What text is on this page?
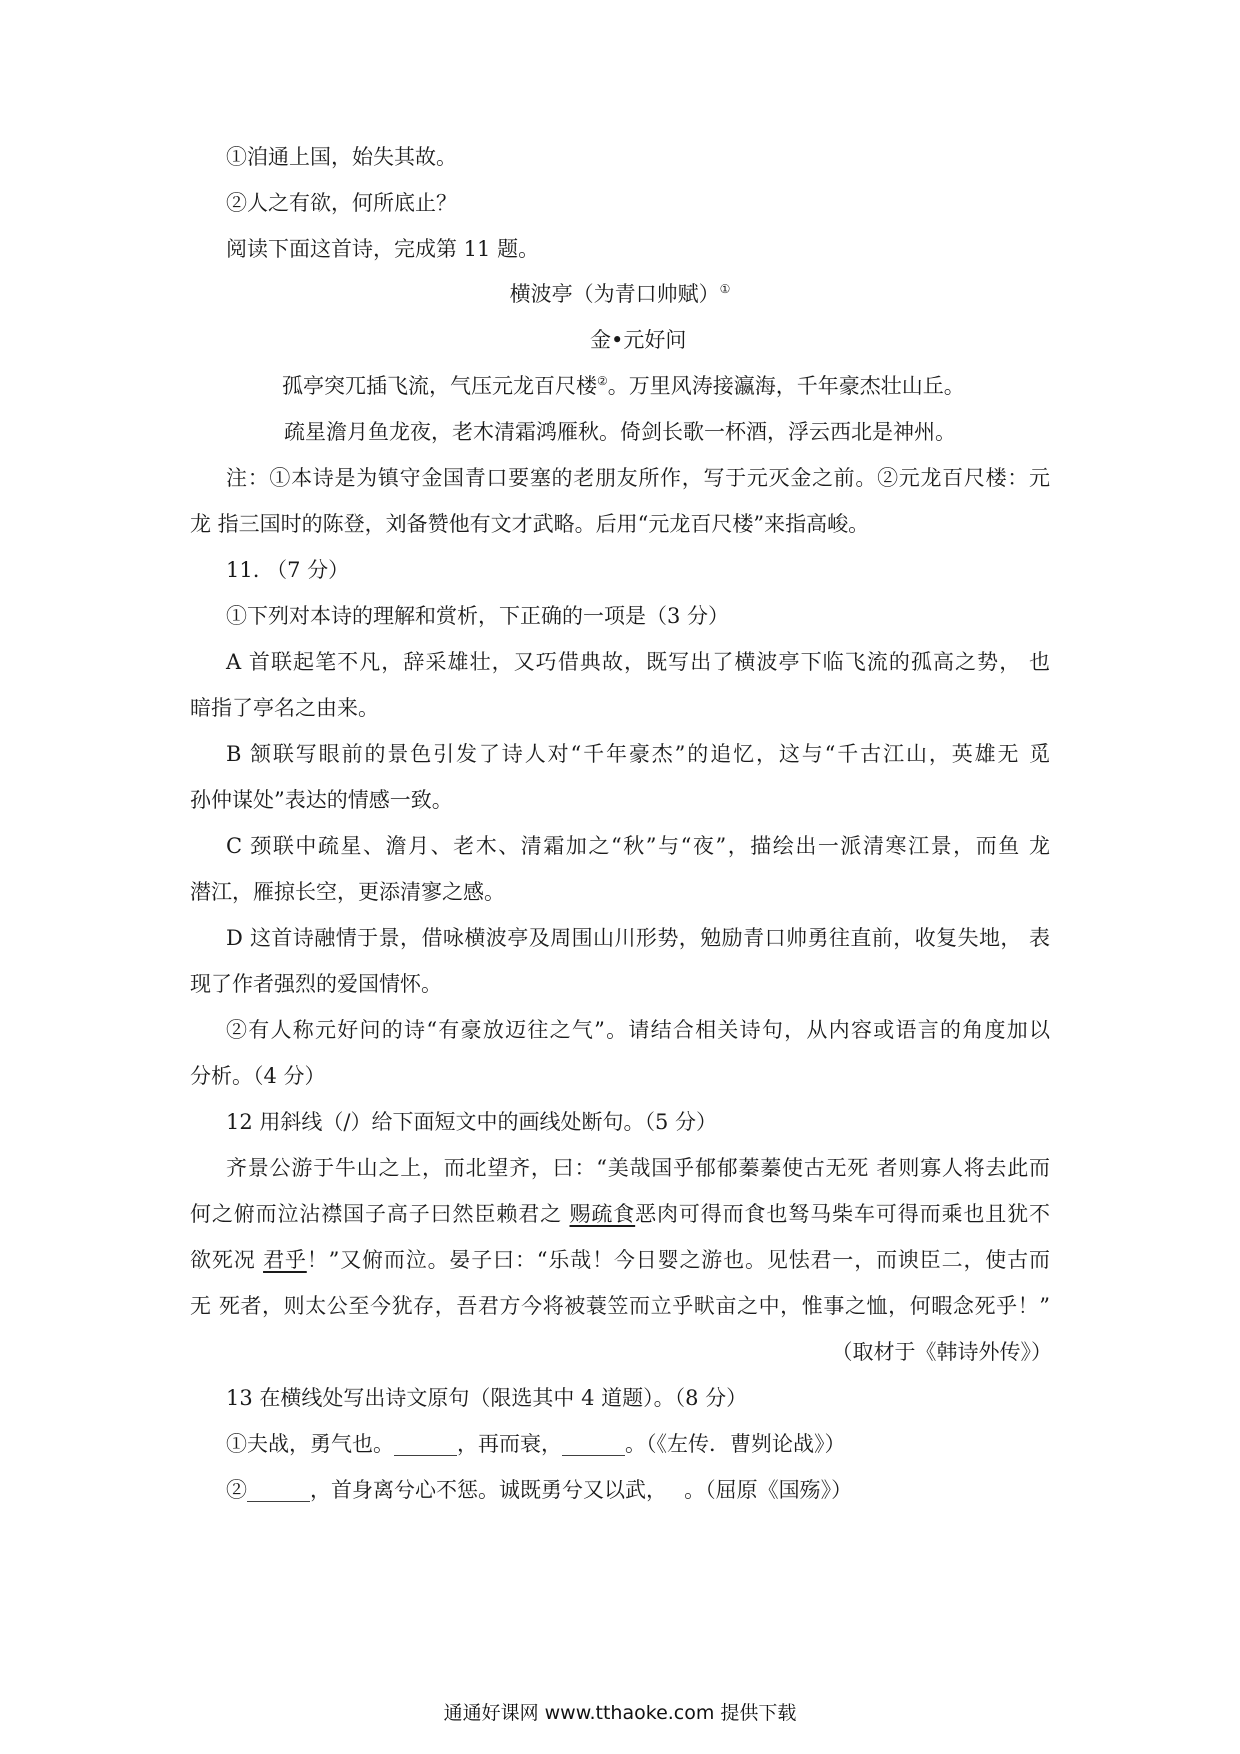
①洎通上国，始失其故。
②人之有欲，何所底止？
阅读下面这首诗，完成第 11 题。
横波亭（为青口帅赋）①
金•元好问
孤亭突兀插飞流，气压元龙百尺楼②。万里风涛接瀛海，千年豪杰壮山丘。
疏星澹月鱼龙夜，老木清霜鸿雁秋。倚剑长歌一杯酒，浮云西北是神州。
注：①本诗是为镇守金国青口要塞的老朋友所作，写于元灭金之前。②元龙百尺楼：元
龙 指三国时的陈登，刘备赞他有文才武略。后用“元龙百尺楼”来指高峻。
11. （7 分）
①下列对本诗的理解和赏析，下正确的一项是（3 分）
A 首联起笔不凡，辞采雄壮，又巧借典故，既写出了横波亭下临飞流的孤高之势， 也
暗指了亭名之由来。
B 颔联写眼前的景色引发了诗人对“千年豪杰”的追忆，这与“千古江山，英雄无 觅
孙仲谋处”表达的情感一致。
C 颈联中疏星、澹月、老木、清霜加之“秋”与“夜”，描绘出一派清寒江景，而鱼 龙
潜江，雁掠长空，更添清寥之感。
D 这首诗融情于景，借咏横波亭及周围山川形势，勉励青口帅勇往直前，收复失地， 表
现了作者强烈的爱国情怀。
②有人称元好问的诗“有豪放迈往之气”。请结合相关诗句，从内容或语言的角度加以
分析。（4 分）
12 用斜线（/）给下面短文中的画线处断句。（5 分）
齐景公游于牛山之上，而北望齐，曰：“美哉国乎郁郁蓁蓁使古无死 者则寡人将去此而
何之俯而泣沾襟国子高子曰然臣赖君之 赐疏食恶肉可得而食也驽马柴车可得而乘也且犹不
欲死况 君乎！”又俯而泣。晏子曰：“乐哉！今日婴之游也。见怯君一，而谀臣二，使古而
无 死者，则太公至今犹存，吾君方今将被蓑笠而立乎畎亩之中，惟事之恤，何暇念死乎！”
（取材于《韩诗外传》）
13 在横线处写出诗文原句（限选其中 4 道题）。（8 分）
①夫战，勇气也。______，再而衰，______。（《左传．曹刿论战》）
②______，首身离兮心不惩。诚既勇兮又以武，　 。（屈原《国殇》）
通通好课网 www.tthaoke.com 提供下载
